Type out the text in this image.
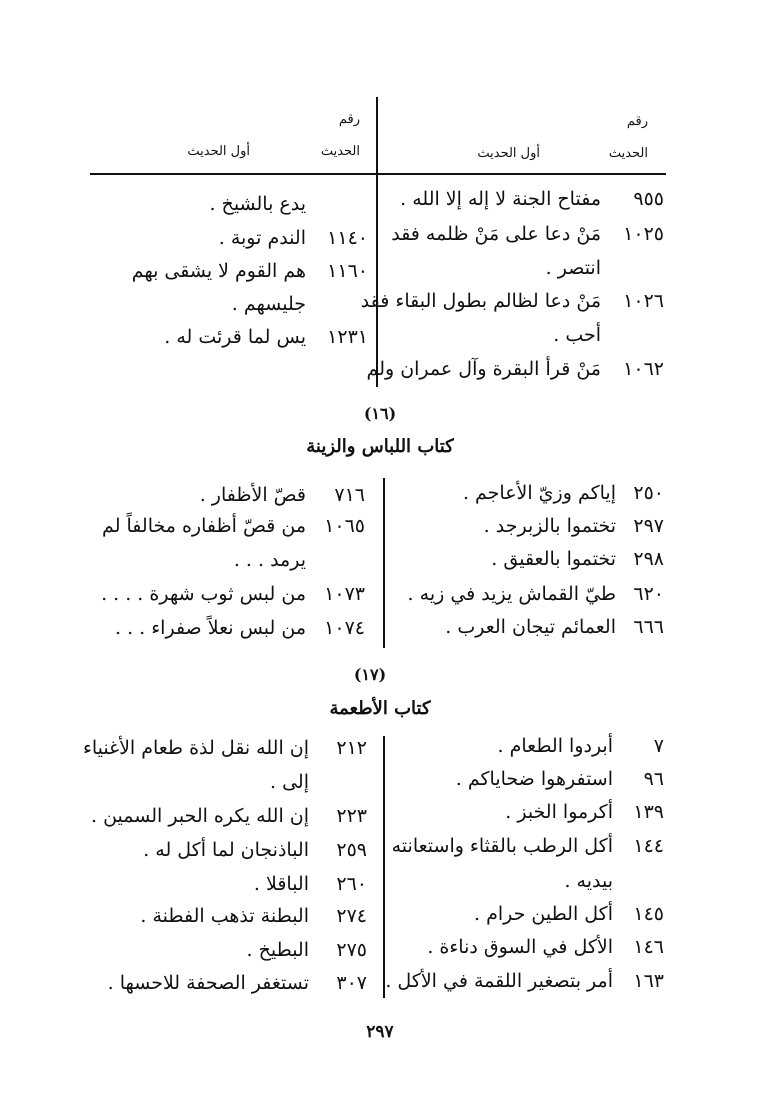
رقم
الحديث
أول الحديث
رقم
الحديث
أول الحديث
٩٥٥
مفتاح الجنة لا إله إلا الله .
١٠٢٥
مَنْ دعا على مَنْ ظلمه فقد
انتصر .
١٠٢٦
مَنْ دعا لظالم بطول البقاء فقد
أحب .
١٠٦٢
مَنْ قرأ البقرة وآل عمران ولم
يدع بالشيخ .
١١٤٠
الندم توبة .
١١٦٠
هم القوم لا يشقى بهم
جليسهم .
١٢٣١
يس لما قرئت له .
(١٦)
كتاب اللباس والزينة
٢٥٠
إياكم وزيّ الأعاجم .
٢٩٧
تختموا بالزبرجد .
٢٩٨
تختموا بالعقيق .
٦٢٠
طيّ القماش يزيد في زيه .
٦٦٦
العمائم تيجان العرب .
٧١٦
قصّ الأظفار .
١٠٦٥
من قصّ أظفاره مخالفاً لم
يرمد . . .
١٠٧٣
من لبس ثوب شهرة . . . .
١٠٧٤
من لبس نعلاً صفراء . . .
(١٧)
كتاب الأطعمة
٧
أبردوا الطعام .
٩٦
استفرهوا ضحاياكم .
١٣٩
أكرموا الخبز .
١٤٤
أكل الرطب بالقثاء واستعانته
بيديه .
١٤٥
أكل الطين حرام .
١٤٦
الأكل في السوق دناءة .
١٦٣
أمر بتصغير اللقمة في الأكل .
٢١٢
إن الله نقل لذة طعام الأغنياء
إلى .
٢٢٣
إن الله يكره الحبر السمين .
٢٥٩
الباذنجان لما أكل له .
٢٦٠
الباقلا .
٢٧٤
البطنة تذهب الفطنة .
٢٧٥
البطيخ .
٣٠٧
تستغفر الصحفة للاحسها .
٢٩٧
